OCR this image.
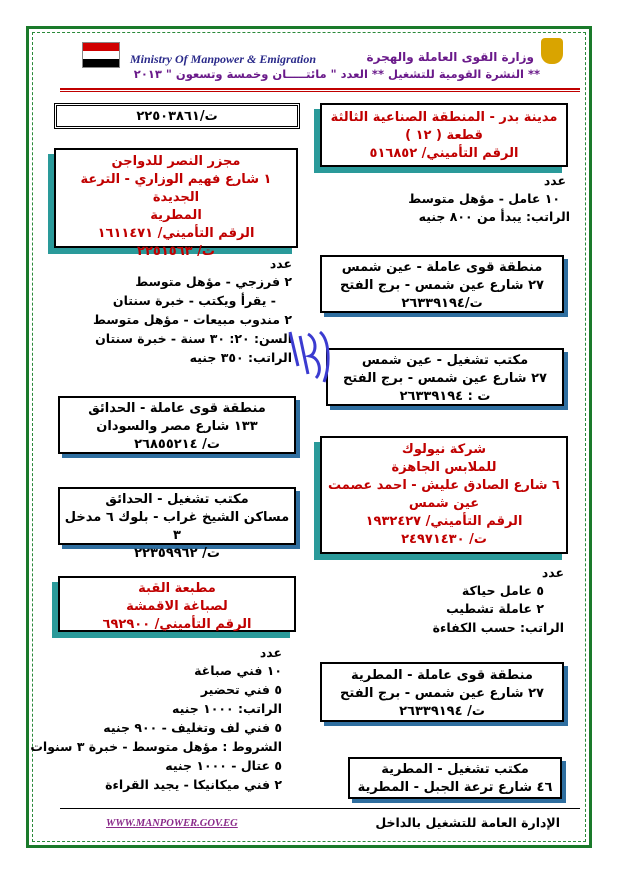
Ministry Of Manpower & Emigration	وزارة القوى العاملة والهجرة
** النشرة القومية للتشغيل ** العدد " مائتـــــان وخمسة وتسعون " ٢٠١٣
مدينة بدر - المنطقة الصناعية الثالثة
قطعة ( ١٢ )
الرقم التأميني/ ٥١٦٨٥٢
عدد
١٠ عامل - مؤهل متوسط
الراتب: يبدأ من ٨٠٠ جنيه
منطقة قوى عاملة - عين شمس
٢٧ شارع عين شمس - برج الفتح
ت/٢٦٣٣٩١٩٤
مكتب تشغيل - عين شمس
٢٧ شارع عين شمس - برج الفتح
ت : ٢٦٣٣٩١٩٤
شركة نيولوك
للملابس الجاهزة
٦ شارع الصادق عليش - احمد عصمت
عين شمس
الرقم التأميني/ ١٩٣٢٤٢٧
ت/ ٢٤٩٧١٤٣٠
عدد
٥ عامل حياكة
٢ عاملة تشطيب
الراتب: حسب الكفاءة
منطقة قوى عاملة - المطرية
٢٧ شارع عين شمس - برج الفتح
ت/ ٢٦٣٣٩١٩٤
مكتب تشغيل - المطرية
٤٦ شارع ترعة الجبل - المطرية
ت/٢٢٥٠٣٨٦١
مجزر النصر للدواجن
١ شارع فهيم الوزاري - الترعة الجديدة
المطرية
الرقم التأميني/ ١٦١١٤٧١
ت/ ٢٢٥١٥٦٣
عدد
٢ فرزجي - مؤهل متوسط
- يقرأ ويكتب - خبرة سنتان
٢ مندوب مبيعات - مؤهل متوسط
السن: ٢٠: ٣٠ سنة - خبرة سنتان
الراتب: ٣٥٠ جنيه
منطقة قوى عاملة - الحدائق
١٣٣ شارع مصر والسودان
ت/ ٢٦٨٥٥٢١٤
مكتب تشغيل - الحدائق
مساكن الشيخ غراب - بلوك ٦ مدخل ٣
ت/ ٢٢٣٥٩٩٦٢
مطبعة القبة
لصباغة الاقمشة
الرقم التأميني/ ٦٩٢٩٠٠
عدد
١٠ فني صباغة
٥ فني تحضير
الراتب: ١٠٠٠ جنيه
٥ فني لف وتغليف - ٩٠٠ جنيه
الشروط : مؤهل متوسط - خبرة ٣ سنوات
٥ عتال - ١٠٠٠ جنيه
٢ فني ميكانيكا - يجيد القراءة
WWW.MANPOWER.GOV.EG	الإدارة العامة للتشغيل بالداخل
